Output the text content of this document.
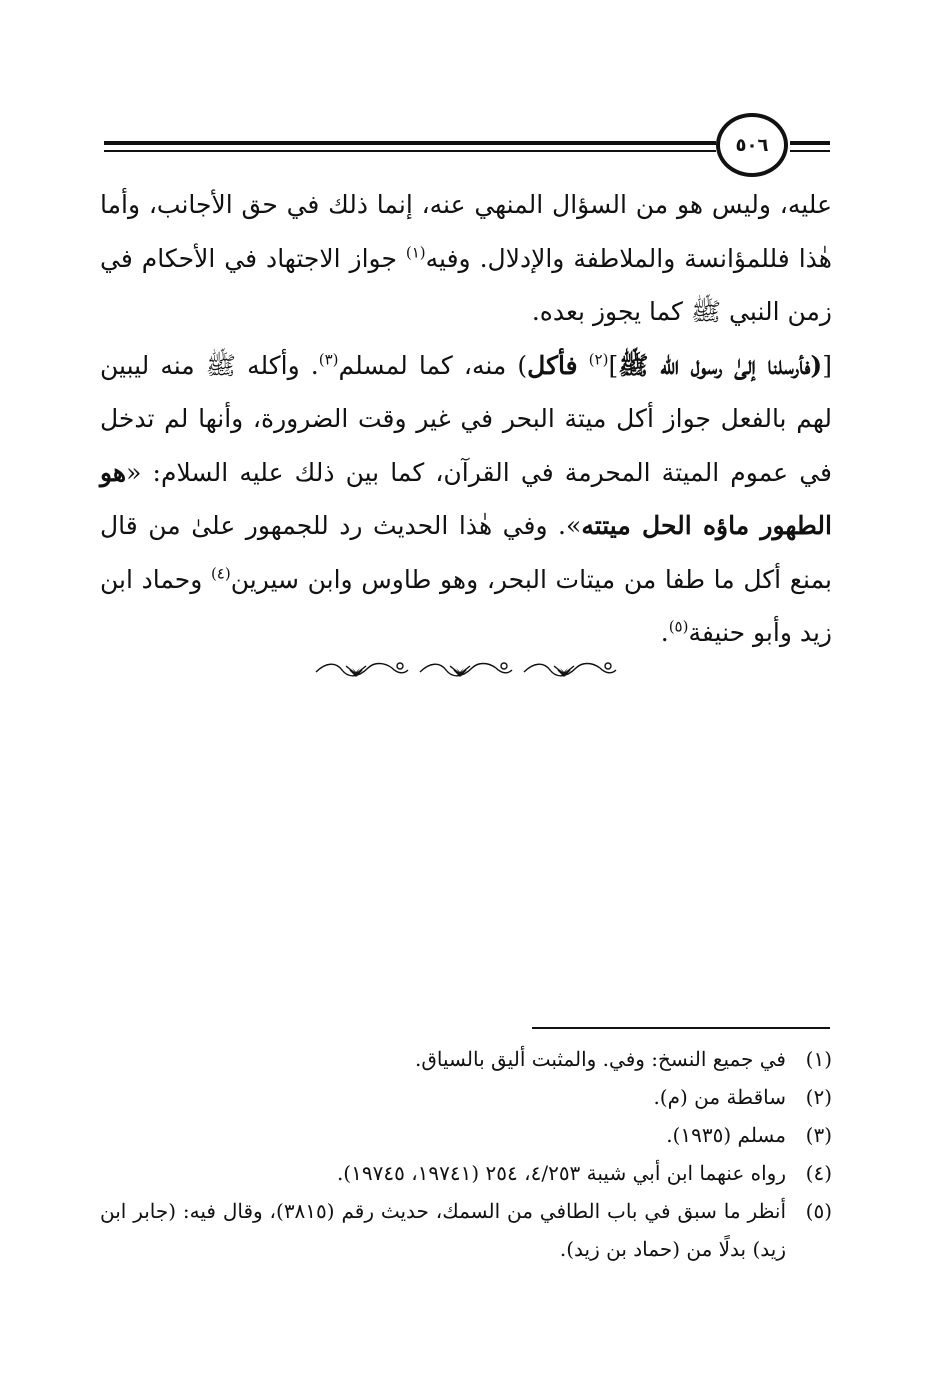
٥٠٦

عليه، وليس هو من السؤال المنهي عنه، إنما ذلك في حق الأجانب، وأما هٰذا فللمؤانسة والملاطفة والإدلال. وفيه$^{(١)}$ جواز الاجتهاد في الأحكام في زمن النبي ﷺ كما يجوز بعده.

[(فأرسلنا إلىٰ رسول الله ﷺ]$^{(٢)}$ فأكل) منه، كما لمسلم$^{(٣)}$. وأكله ﷺ منه ليبين لهم بالفعل جواز أكل ميتة البحر في غير وقت الضرورة، وأنها لم تدخل في عموم الميتة المحرمة في القرآن، كما بين ذلك عليه السلام: «هو الطهور ماؤه الحل ميتته». وفي هٰذا الحديث رد للجمهور علىٰ من قال بمنع أكل ما طفا من ميتات البحر، وهو طاوس وابن سيرين$^{(٤)}$ وحماد ابن زيد وأبو حنيفة$^{(٥)}$.

(١)
في جميع النسخ: وفي. والمثبت أليق بالسياق.
(٢)
ساقطة من (م).
(٣)
مسلم (١٩٣٥).
(٤)
رواه عنهما ابن أبي شيبة ٤/٢٥٣، ٢٥٤ (١٩٧٤١، ١٩٧٤٥).
(٥)
أنظر ما سبق في باب الطافي من السمك، حديث رقم (٣٨١٥)، وقال فيه: (جابر ابن زيد) بدلًا من (حماد بن زيد).
